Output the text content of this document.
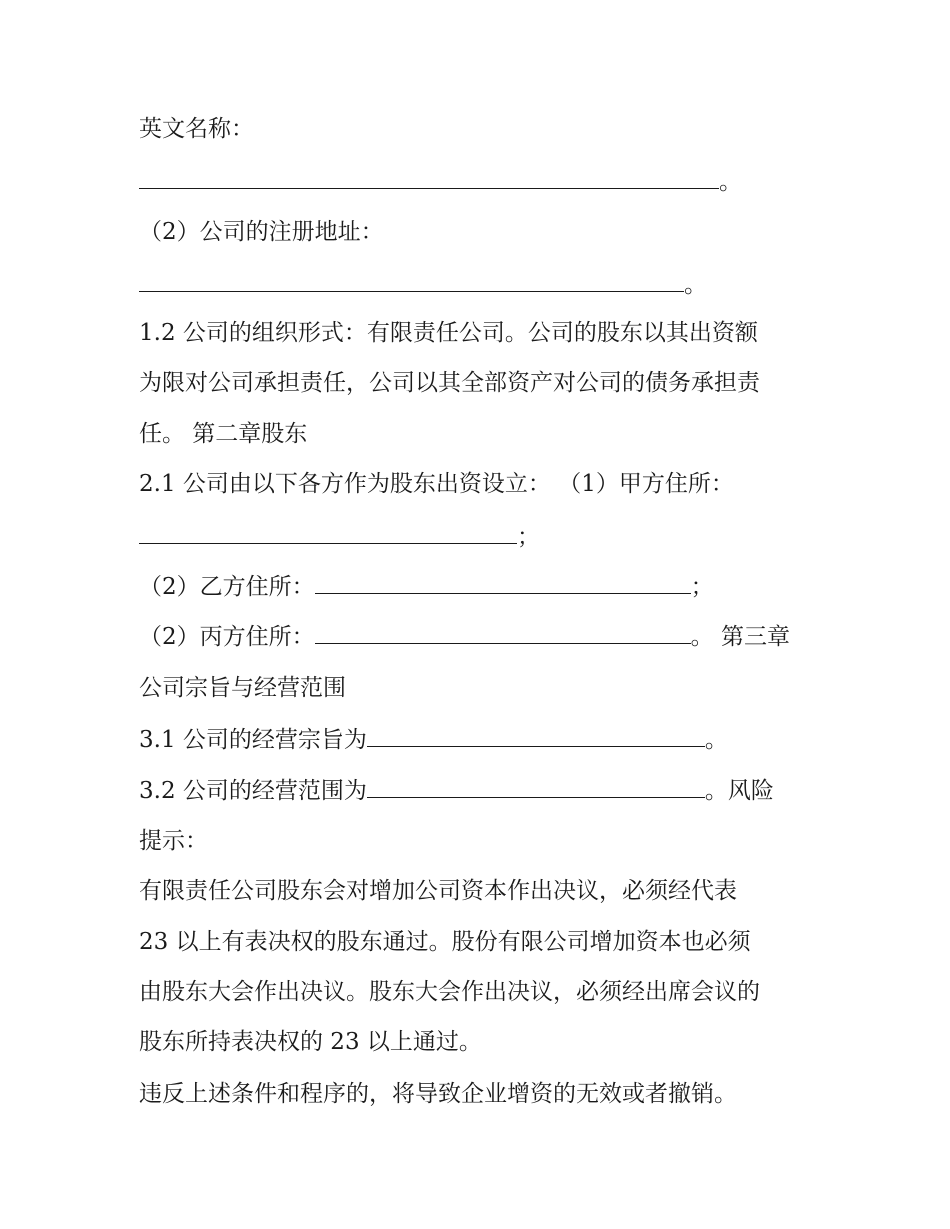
英文名称：
。
（2）公司的注册地址：
。
1.2 公司的组织形式：有限责任公司。公司的股东以其出资额
为限对公司承担责任，公司以其全部资产对公司的债务承担责
任。 第二章股东
2.1 公司由以下各方作为股东出资设立： （1）甲方住所：
；
（2）乙方住所：	；
（2）丙方住所：	。 第三章
公司宗旨与经营范围
3.1 公司的经营宗旨为	。
3.2 公司的经营范围为	。风险
提示：
有限责任公司股东会对增加公司资本作出决议，必须经代表
23 以上有表决权的股东通过。股份有限公司增加资本也必须
由股东大会作出决议。股东大会作出决议，必须经出席会议的
股东所持表决权的 23 以上通过。
违反上述条件和程序的，将导致企业增资的无效或者撤销。
